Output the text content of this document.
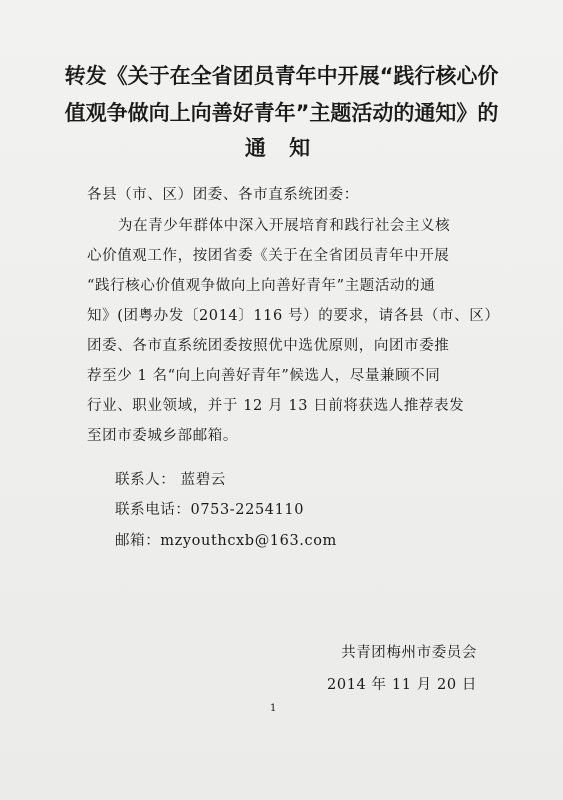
转发《关于在全省团员青年中开展“践行核心价
值观争做向上向善好青年”主题活动的通知》的
通 知
各县（市、区）团委、各市直系统团委：
为在青少年群体中深入开展培育和践行社会主义核
心价值观工作，按团省委《关于在全省团员青年中开展
“践行核心价值观争做向上向善好青年”主题活动的通
知》(团粤办发〔2014〕116 号）的要求，请各县（市、区）
团委、各市直系统团委按照优中选优原则，向团市委推
荐至少 1 名“向上向善好青年”候选人，尽量兼顾不同
行业、职业领域，并于 12 月 13 日前将获选人推荐表发
至团市委城乡部邮箱。
联系人： 蓝碧云
联系电话：0753-2254110
邮箱：mzyouthcxb@163.com
共青团梅州市委员会
2014 年 11 月 20 日
1
